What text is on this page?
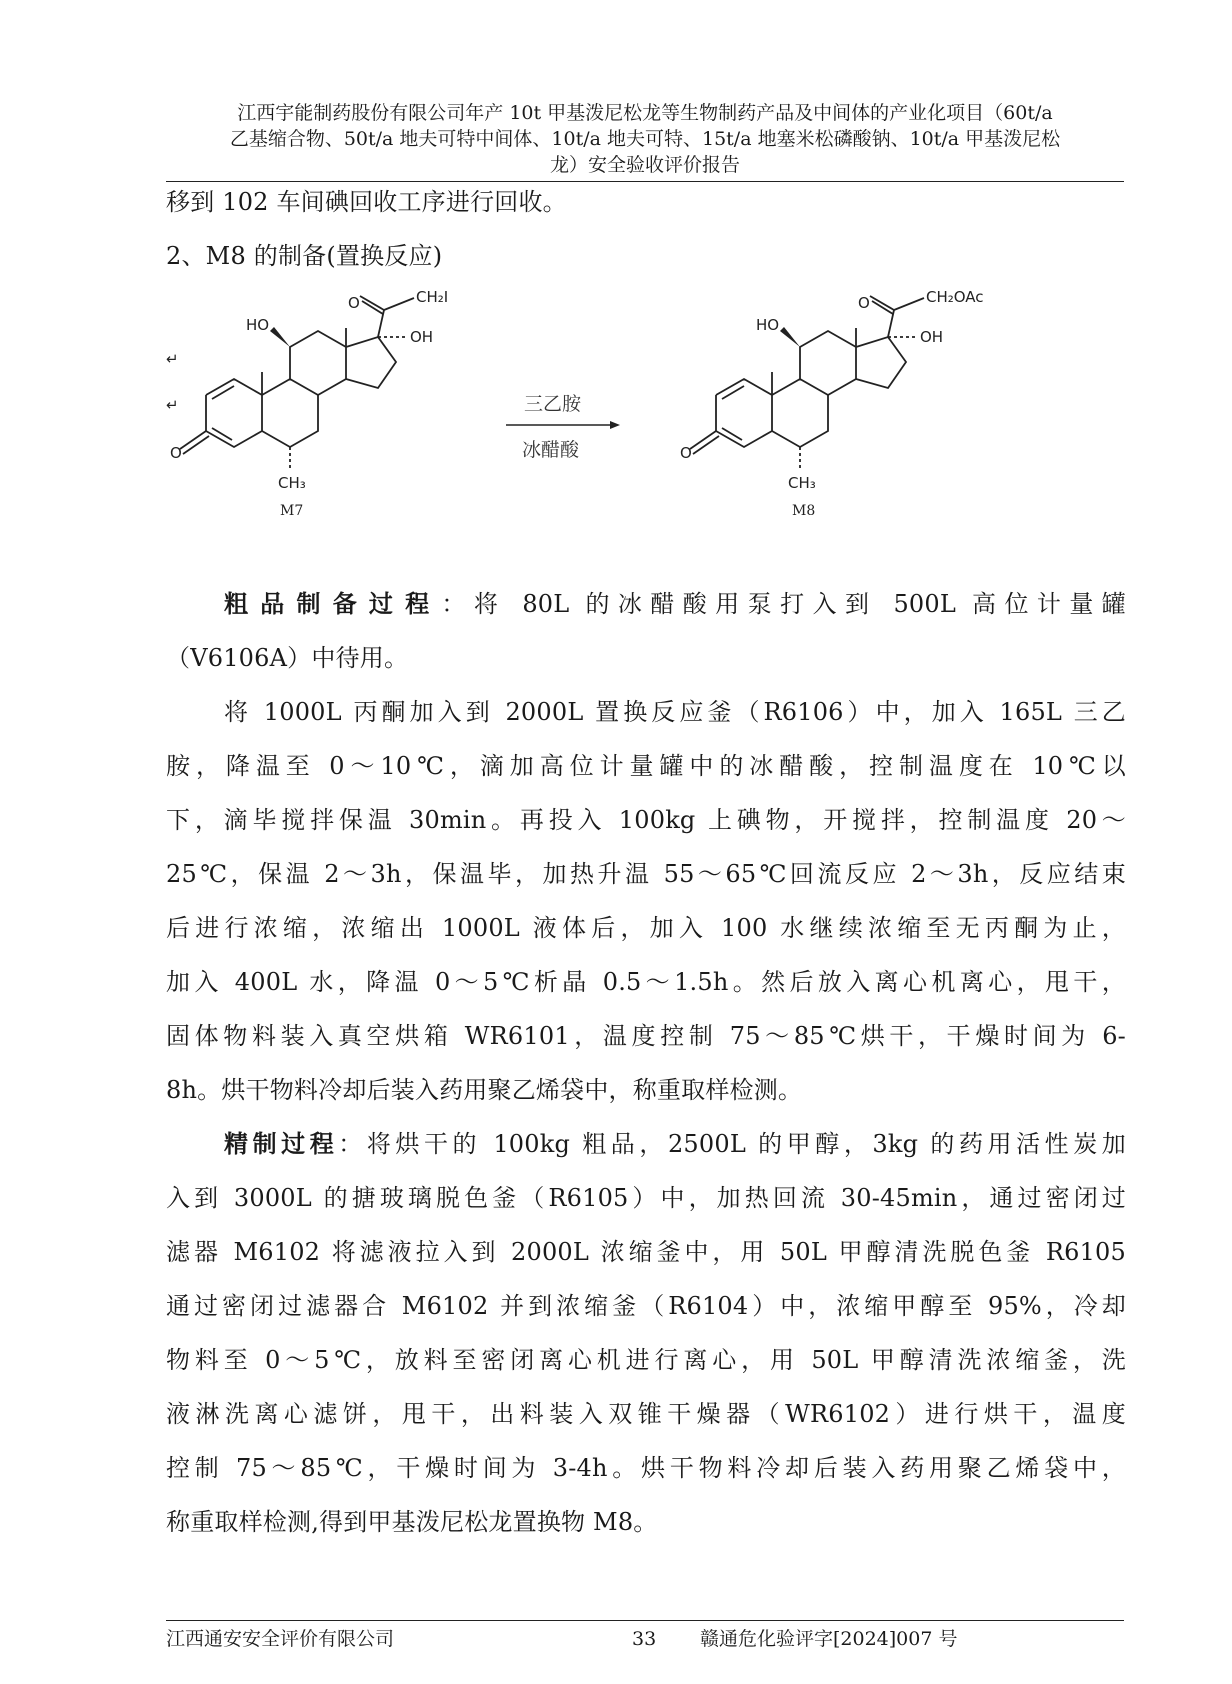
江西宇能制药股份有限公司年产 10t 甲基泼尼松龙等生物制药产品及中间体的产业化项目（60t/a
乙基缩合物、50t/a 地夫可特中间体、10t/a 地夫可特、15t/a 地塞米松磷酸钠、10t/a 甲基泼尼松
龙）安全验收评价报告
移到 102 车间碘回收工序进行回收。
2、M8 的制备(置换反应)
HO
OH
O	CH₂I
O
CH₃
M7
↵
↵	三乙胺
冰醋酸
HO
OH
O	CH₂OAc
O
CH₃
M8
粗品制备过程：将 80L 的冰醋酸用泵打入到 500L 高位计量罐
（V6106A）中待用。
将 1000L 丙酮加入到 2000L 置换反应釜（R6106）中，加入 165L 三乙
胺，降温至 0～10℃，滴加高位计量罐中的冰醋酸，控制温度在 10℃以
下，滴毕搅拌保温 30min。再投入 100kg 上碘物，开搅拌，控制温度 20～
25℃，保温 2～3h，保温毕，加热升温 55～65℃回流反应 2～3h，反应结束
后进行浓缩，浓缩出 1000L 液体后，加入 100 水继续浓缩至无丙酮为止，
加入 400L 水，降温 0～5℃析晶 0.5～1.5h。然后放入离心机离心，甩干，
固体物料装入真空烘箱 WR6101，温度控制 75～85℃烘干，干燥时间为 6-
8h。烘干物料冷却后装入药用聚乙烯袋中，称重取样检测。
精制过程：将烘干的 100kg 粗品，2500L 的甲醇，3kg 的药用活性炭加
入到 3000L 的搪玻璃脱色釜（R6105）中，加热回流 30-45min，通过密闭过
滤器 M6102 将滤液拉入到 2000L 浓缩釜中，用 50L 甲醇清洗脱色釜 R6105
通过密闭过滤器合 M6102 并到浓缩釜（R6104）中，浓缩甲醇至 95%，冷却
物料至 0～5℃，放料至密闭离心机进行离心，用 50L 甲醇清洗浓缩釜，洗
液淋洗离心滤饼，甩干，出料装入双锥干燥器（WR6102）进行烘干，温度
控制 75～85℃，干燥时间为 3-4h。烘干物料冷却后装入药用聚乙烯袋中，
称重取样检测,得到甲基泼尼松龙置换物 M8。
江西通安安全评价有限公司	33 赣通危化验评字[2024]007 号
